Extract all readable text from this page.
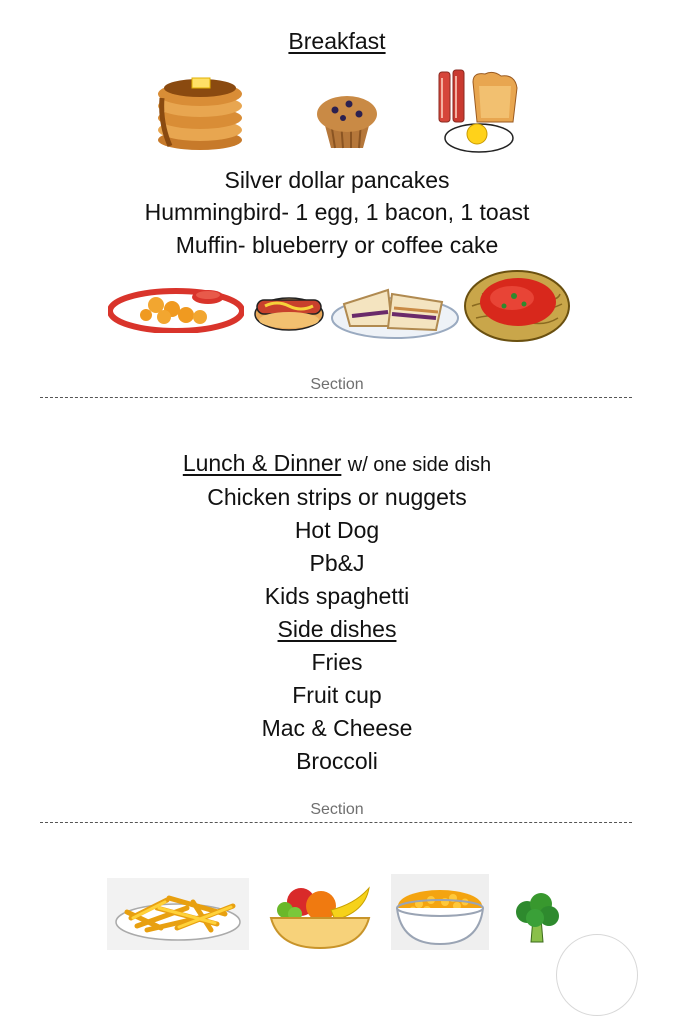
Breakfast
Silver dollar pancakes
Hummingbird- 1 egg, 1 bacon, 1 toast
Muffin- blueberry or coffee cake
Section
Lunch & Dinner w/ one side dish
Chicken strips or nuggets
Hot Dog
Pb&J
Kids spaghetti
Side dishes
Fries
Fruit cup
Mac & Cheese
Broccoli
Section
